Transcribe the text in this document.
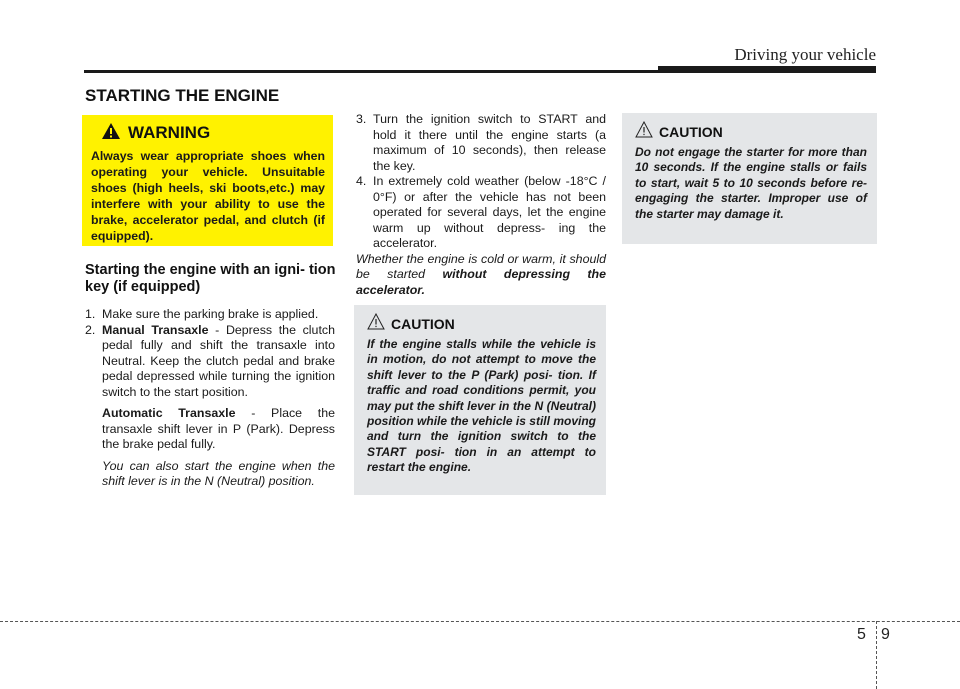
Driving your vehicle
STARTING THE ENGINE
WARNING
Always wear appropriate shoes when operating your vehicle. Unsuitable shoes (high heels, ski boots,etc.) may interfere with your ability to use the brake, accelerator pedal, and clutch (if equipped).
Starting the engine with an igni- tion key (if equipped)
1. Make sure the parking brake is applied.
2. Manual Transaxle - Depress the clutch pedal fully and shift the transaxle into Neutral. Keep the clutch pedal and brake pedal depressed while turning the ignition switch to the start position.

Automatic Transaxle - Place the transaxle shift lever in P (Park). Depress the brake pedal fully.

You can also start the engine when the shift lever is in the N (Neutral) position.

3. Turn the ignition switch to START and hold it there until the engine starts (a maximum of 10 seconds), then release the key.
4. In extremely cold weather (below -18°C / 0°F) or after the vehicle has not been operated for several days, let the engine warm up without depress- ing the accelerator.

Whether the engine is cold or warm, it should be started without depressing the accelerator.

CAUTION
If the engine stalls while the vehicle is in motion, do not attempt to move the shift lever to the P (Park) posi- tion. If traffic and road conditions permit, you may put the shift lever in the N (Neutral) position while the vehicle is still moving and turn the ignition switch to the START posi- tion in an attempt to restart the engine.
CAUTION
Do not engage the starter for more than 10 seconds. If the engine stalls or fails to start, wait 5 to 10 seconds before re-engaging the starter. Improper use of the starter may damage it.
5 9
